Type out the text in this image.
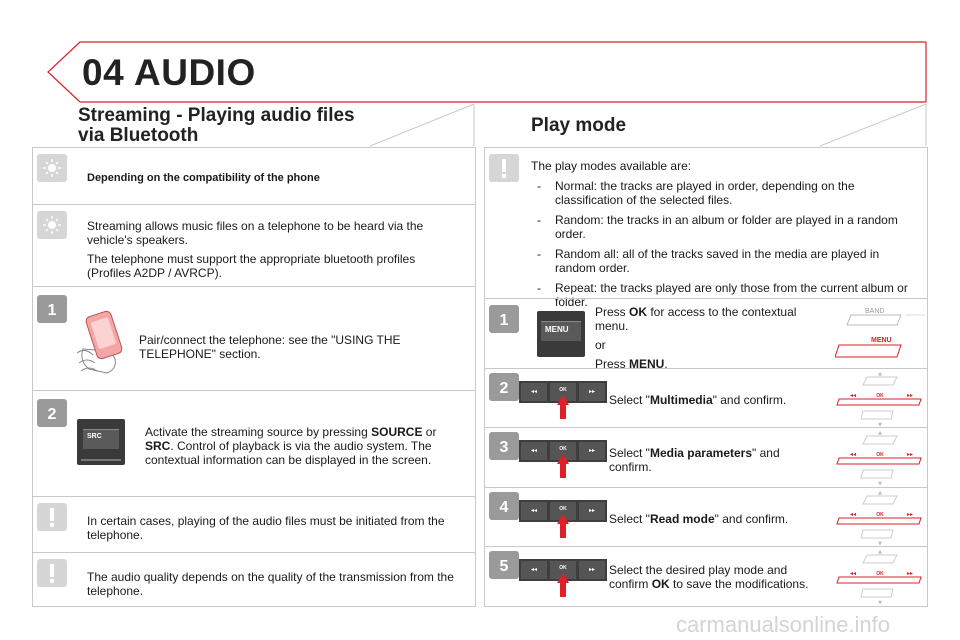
04 AUDIO
Streaming - Playing audio files
via Bluetooth	Play mode
Depending on the compatibility of the phone

Streaming allows music files on a telephone to be heard via the vehicle's speakers.

The telephone must support the appropriate bluetooth profiles (Profiles A2DP / AVRCP).

1
Pair/connect the telephone: see the "USING THE TELEPHONE" section.
2
SRC	Activate the streaming source by pressing SOURCE or SRC. Control of playback is via the audio system. The contextual information can be displayed in the screen.
In certain cases, playing of the audio files must be initiated from the telephone.
The audio quality depends on the quality of the transmission from the telephone.
The play modes available are:
- Normal: the tracks are played in order, depending on the classification of the selected files.
- Random: the tracks in an album or folder are played in a random order.
- Random all: all of the tracks saved in the media are played in random order.
- Repeat: the tracks played are only those from the current album or folder.
1
MENU

Press OK for access to the contextual menu.

or

Press MENU.

BAND
MENU
2	OK
◂◂	▸▸
Select "Multimedia" and confirm.
▲
◂◂	OK	▸▸
▼
3	OK
◂◂	▸▸ Select "Media parameters" and confirm.
▲
◂◂	OK	▸▸
▼
4	OK
◂◂	▸▸
Select "Read mode" and confirm.
▲
◂◂	OK	▸▸
▼
5	OK
◂◂	▸▸ Select the desired play mode and confirm OK to save the modifications.
▲
◂◂	OK	▸▸
▼
carmanualsonline.info
